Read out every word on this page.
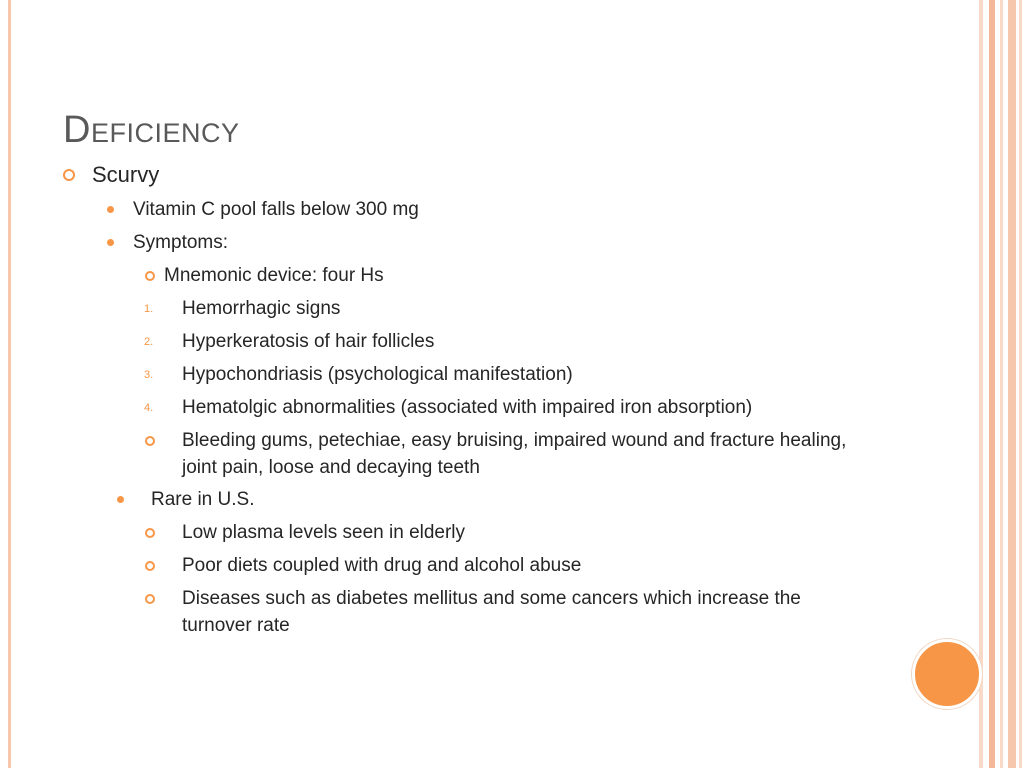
Deficiency
Scurvy
Vitamin C pool falls below 300 mg
Symptoms:
Mnemonic device: four Hs
1. Hemorrhagic signs
2. Hyperkeratosis of hair follicles
3. Hypochondriasis (psychological manifestation)
4. Hematolgic abnormalities (associated with impaired iron absorption)
Bleeding gums, petechiae, easy bruising, impaired wound and fracture healing, joint pain, loose and decaying teeth
Rare in U.S.
Low plasma levels seen in elderly
Poor diets coupled with drug and alcohol abuse
Diseases such as diabetes mellitus and some cancers which increase the turnover rate
